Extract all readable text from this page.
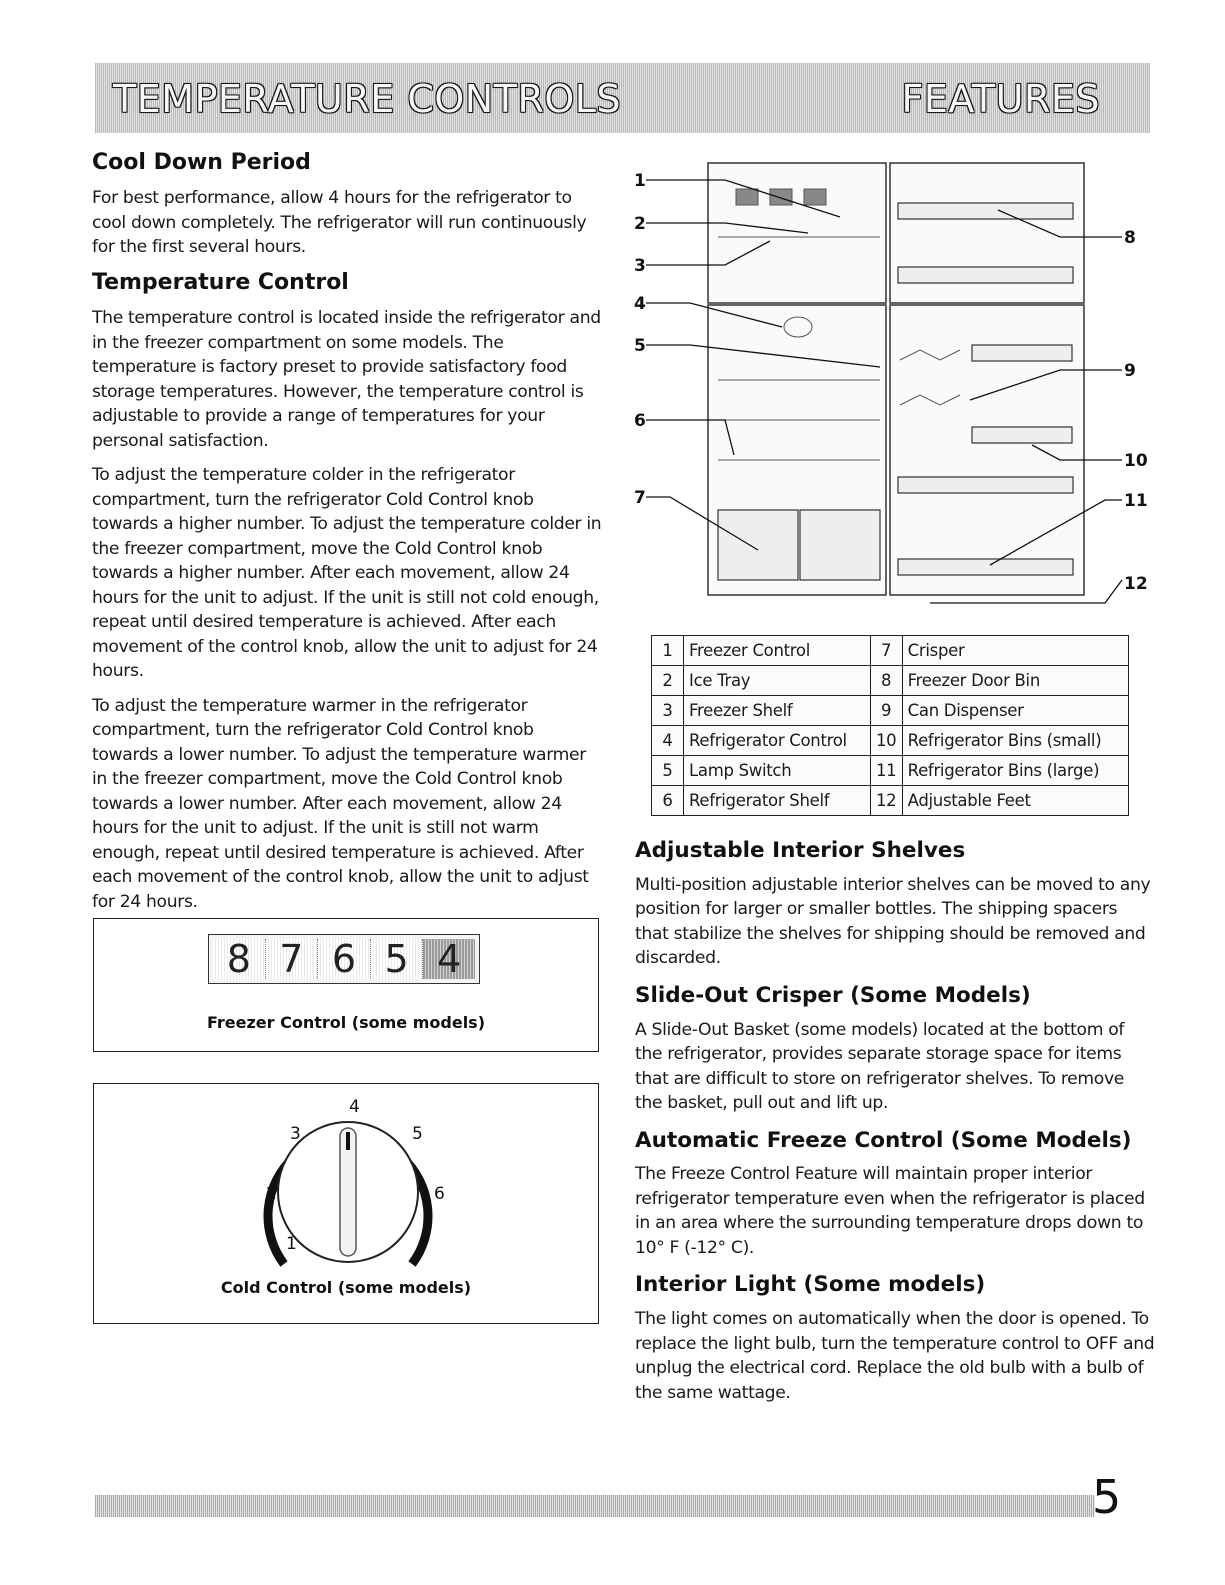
TEMPERATURE CONTROLS	FEATURES
Cool Down Period

For best performance, allow 4 hours for the refrigerator to cool down completely. The refrigerator will run continuously for the first several hours.

Temperature Control

The temperature control is located inside the refrigerator and in the freezer compartment on some models. The temperature is factory preset to provide satisfactory food storage temperatures. However, the temperature control is adjustable to provide a range of temperatures for your personal satisfaction.

To adjust the temperature colder in the refrigerator compartment, turn the refrigerator Cold Control knob towards a higher number. To adjust the temperature colder in the freezer compartment, move the Cold Control knob towards a higher number. After each movement, allow 24 hours for the unit to adjust. If the unit is still not cold enough, repeat until desired temperature is achieved. After each movement of the control knob, allow the unit to adjust for 24 hours.

To adjust the temperature warmer in the refrigerator compartment, turn the refrigerator Cold Control knob towards a lower number. To adjust the temperature warmer in the freezer compartment, move the Cold Control knob towards a lower number. After each movement, allow 24 hours for the unit to adjust. If the unit is still not warm enough, repeat until desired temperature is achieved. After each movement of the control knob, allow the unit to adjust for 24 hours.

8 7 6 5 4
Freezer Control (some models)
1
2
3
4
5
6
7
Cold Control (some models)
1
2
3
4
5
6
7
8
9
10
11
12
1	Freezer Control	7	Crisper
2	Ice Tray	8	Freezer Door Bin
3	Freezer Shelf	9	Can Dispenser
4	Refrigerator Control	10	Refrigerator Bins (small)
5	Lamp Switch	11	Refrigerator Bins (large)
6	Refrigerator Shelf	12	Adjustable Feet
Adjustable Interior Shelves

Multi-position adjustable interior shelves can be moved to any position for larger or smaller bottles. The shipping spacers that stabilize the shelves for shipping should be removed and discarded.

Slide-Out Crisper (Some Models)

A Slide-Out Basket (some models) located at the bottom of the refrigerator, provides separate storage space for items that are difficult to store on refrigerator shelves. To remove the basket, pull out and lift up.

Automatic Freeze Control (Some Models)

The Freeze Control Feature will maintain proper interior refrigerator temperature even when the refrigerator is placed in an area where the surrounding temperature drops down to 10° F (-12° C).

Interior Light (Some models)

The light comes on automatically when the door is opened. To replace the light bulb, turn the temperature control to OFF and unplug the electrical cord. Replace the old bulb with a bulb of the same wattage.

5
